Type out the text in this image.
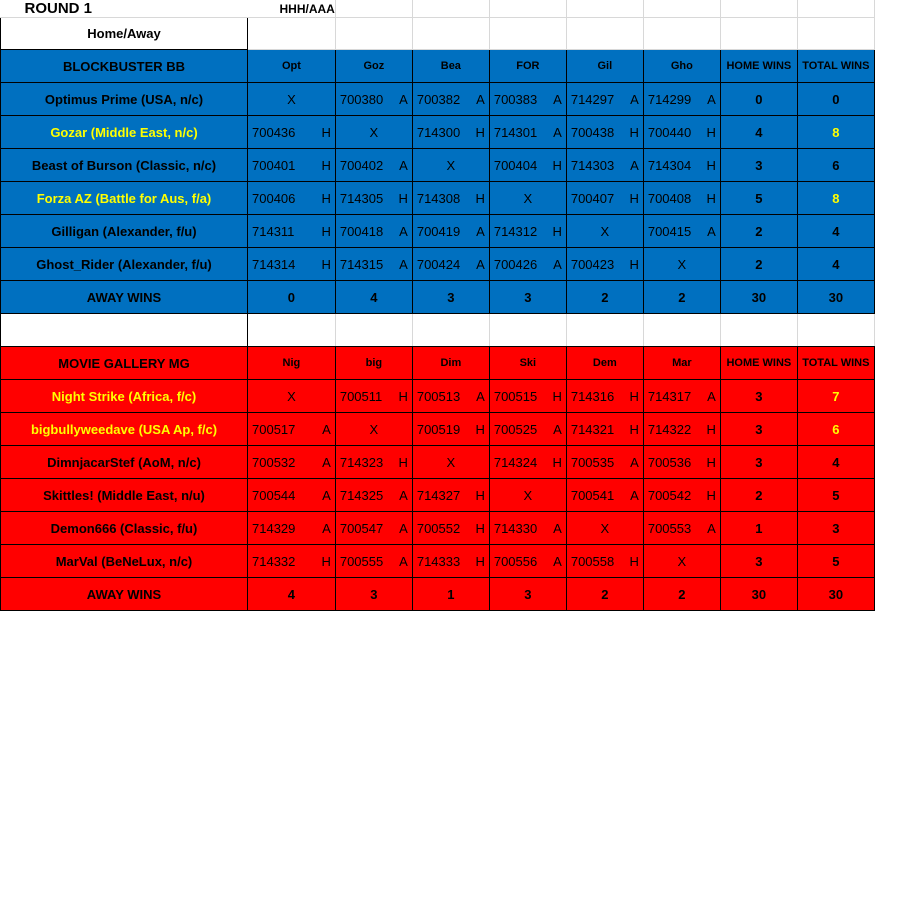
ROUND 1	HHH/AAA							
Home/Away								
BLOCKBUSTER BB	Opt	Goz	Bea	FOR	Gil	Gho	HOME WINS	TOTAL WINS
Optimus Prime (USA, n/c)	X	700380 A	700382 A	700383 A	714297 A	714299 A	0	0
Gozar (Middle East, n/c)	700436 H	X	714300 H	714301 A	700438 H	700440 H	4	8
Beast of Burson (Classic, n/c)	700401 H	700402 A	X	700404 H	714303 A	714304 H	3	6
Forza AZ (Battle for Aus, f/a)	700406 H	714305 H	714308 H	X	700407 H	700408 H	5	8
Gilligan (Alexander, f/u)	714311 H	700418 A	700419 A	714312 H	X	700415 A	2	4
Ghost_Rider (Alexander, f/u)	714314 H	714315 A	700424 A	700426 A	700423 H	X	2	4
AWAY WINS	0	4	3	3	2	2	30	30

MOVIE GALLERY MG	Nig	big	Dim	Ski	Dem	Mar	HOME WINS	TOTAL WINS
Night Strike (Africa, f/c)	X	700511 H	700513 A	700515 H	714316 H	714317 A	3	7
bigbullyweedave (USA Ap, f/c)	700517 A	X	700519 H	700525 A	714321 H	714322 H	3	6
DimnjacarStef (AoM, n/c)	700532 A	714323 H	X	714324 H	700535 A	700536 H	3	4
Skittles! (Middle East, n/u)	700544 A	714325 A	714327 H	X	700541 A	700542 H	2	5
Demon666 (Classic, f/u)	714329 A	700547 A	700552 H	714330 A	X	700553 A	1	3
MarVal (BeNeLux, n/c)	714332 H	700555 A	714333 H	700556 A	700558 H	X	3	5
AWAY WINS	4	3	1	3	2	2	30	30
